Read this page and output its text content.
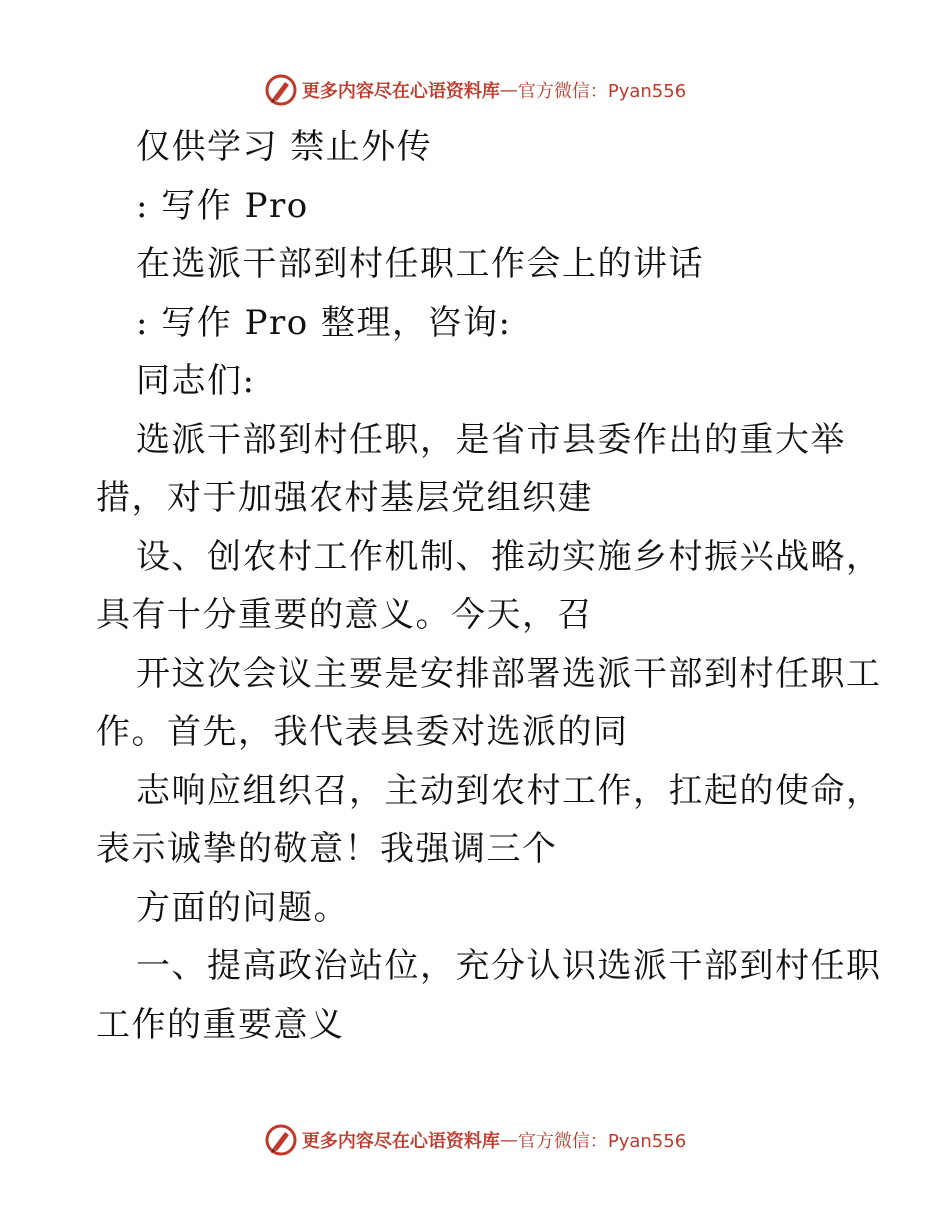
更多内容尽在心语资料库 — 官方微信：Pyan556
仅供学习 禁止外传
: 写作 Pro
在选派干部到村任职工作会上的讲话
: 写作 Pro 整理，咨询:
同志们:
选派干部到村任职，是省市县委作出的重大举
措，对于加强农村基层党组织建
设、创农村工作机制、推动实施乡村振兴战略，
具有十分重要的意义。今天，召
开这次会议主要是安排部署选派干部到村任职工
作。首先，我代表县委对选派的同
志响应组织召，主动到农村工作，扛起的使命，
表示诚挚的敬意！我强调三个
方面的问题。
一、提高政治站位，充分认识选派干部到村任职
工作的重要意义
更多内容尽在心语资料库 — 官方微信：Pyan556
